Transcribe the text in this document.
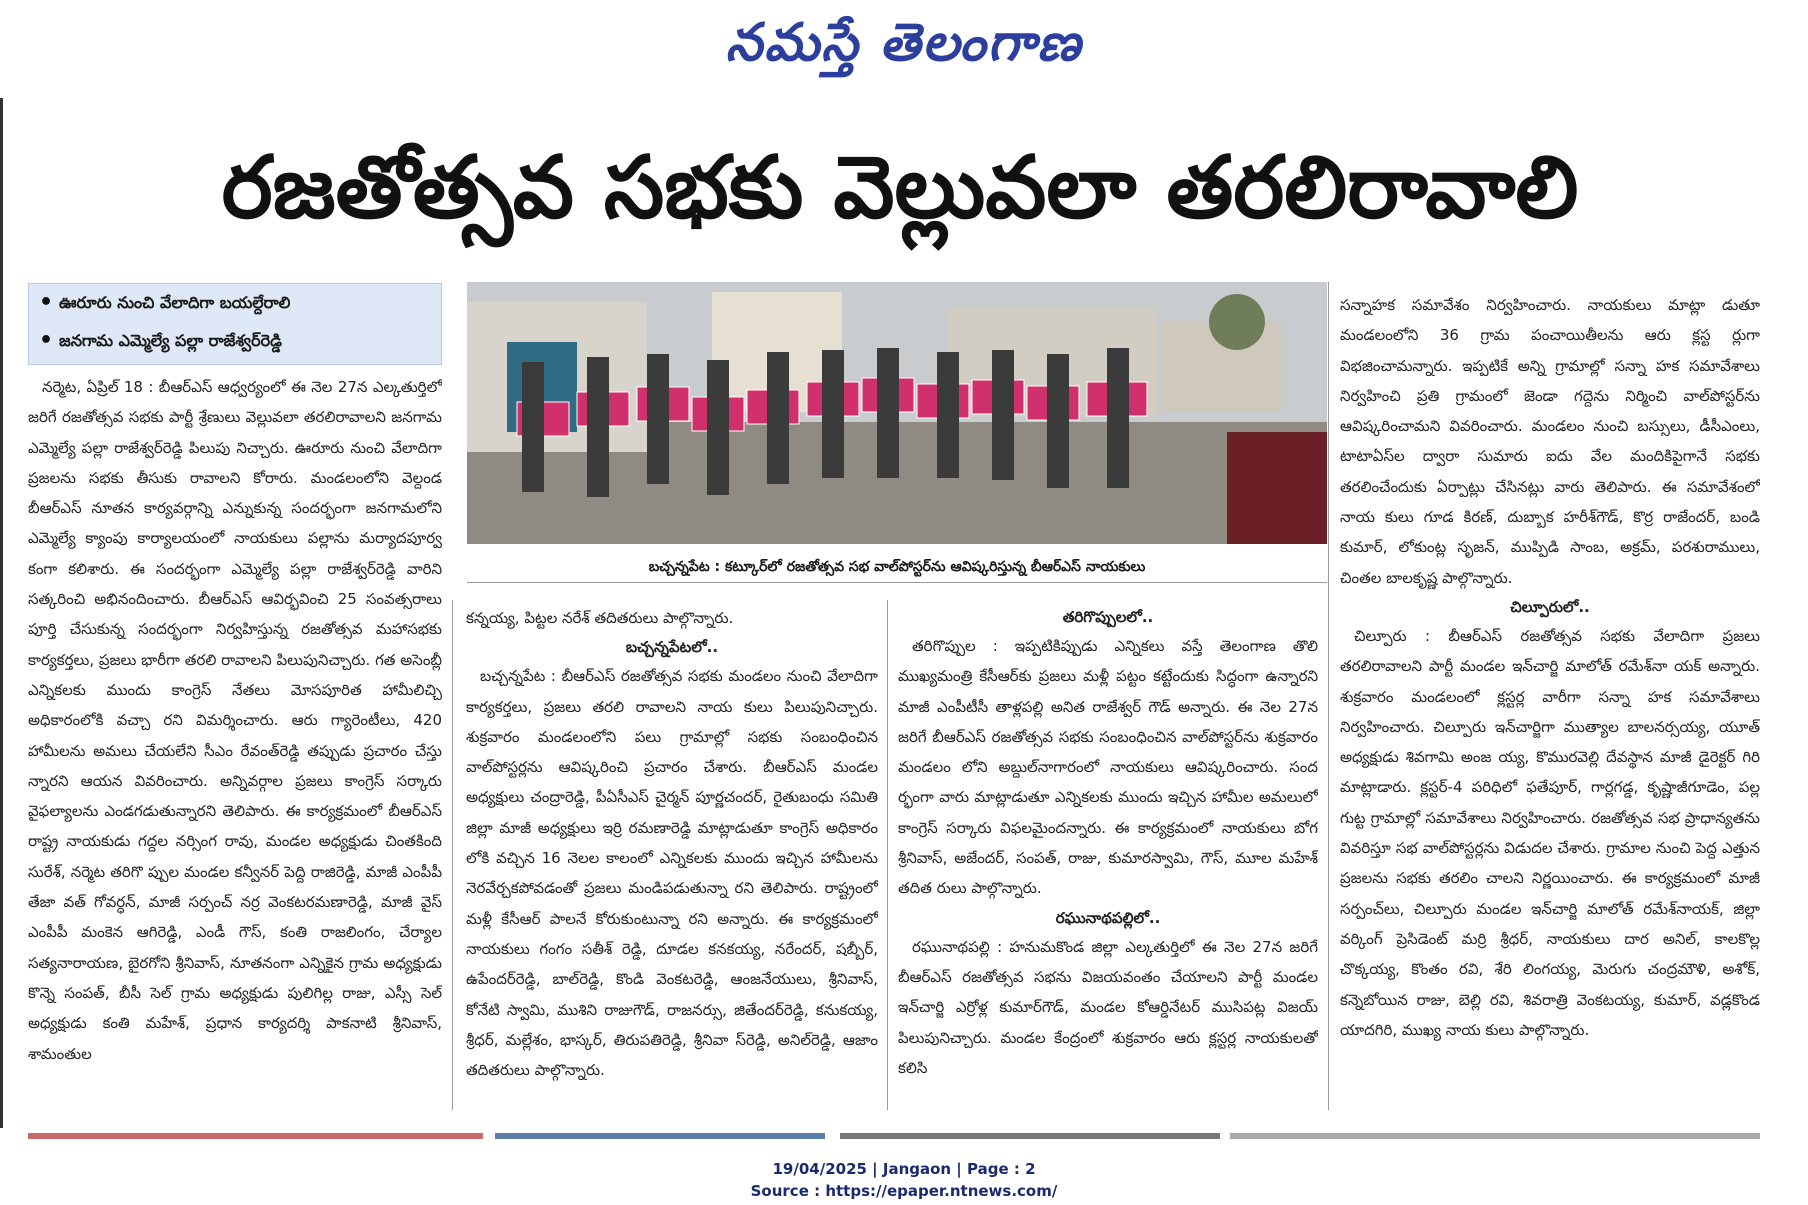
నమస్తే తెలంగాణ
రజతోత్సవ సభకు వెల్లువలా తరలిరావాలి
• ఊరూరు నుంచి వేలాదిగా బయల్దేరాలి
• జనగామ ఎమ్మెల్యే పల్లా రాజేశ్వర్‌రెడ్డి
బచ్చన్నపేట : కట్కూర్‌లో రజతోత్సవ సభ వాల్‌పోస్టర్‌ను ఆవిష్కరిస్తున్న బీఆర్‌ఎస్ నాయకులు

నర్మెట, ఏప్రిల్ 18 : బీఆర్‌ఎస్ ఆధ్వర్యంలో ఈ నెల 27న ఎల్కతుర్తిలో జరిగే రజతోత్సవ సభకు పార్టీ శ్రేణులు వెల్లువలా తరలిరావాలని జనగామ ఎమ్మెల్యే పల్లా రాజేశ్వర్‌రెడ్డి పిలుపు నిచ్చారు. ఊరూరు నుంచి వేలాదిగా ప్రజలను సభకు తీసుకు రావాలని కోరారు. మండలంలోని వెల్దండ బీఆర్‌ఎస్ నూతన కార్యవర్గాన్ని ఎన్నుకున్న సందర్భంగా జనగామలోని ఎమ్మెల్యే క్యాంపు కార్యాలయంలో నాయకులు పల్లాను మర్యాదపూర్వ కంగా కలిశారు. ఈ సందర్భంగా ఎమ్మెల్యే పల్లా రాజేశ్వర్‌రెడ్డి వారిని సత్కరించి అభినందించారు. బీఆర్‌ఎస్ ఆవిర్భవించి 25 సంవత్సరాలు పూర్తి చేసుకున్న సందర్భంగా నిర్వహిస్తున్న రజతోత్సవ మహాసభకు కార్యకర్తలు, ప్రజలు భారీగా తరలి రావాలని పిలుపునిచ్చారు. గత అసెంబ్లీ ఎన్నికలకు ముందు కాంగ్రెస్ నేతలు మోసపూరిత హామీలిచ్చి అధికారంలోకి వచ్చా రని విమర్శించారు. ఆరు గ్యారెంటీలు, 420 హామీలను అమలు చేయలేని సీఎం రేవంత్‌రెడ్డి తప్పుడు ప్రచారం చేస్తు న్నారని ఆయన వివరించారు. అన్నివర్గాల ప్రజలు కాంగ్రెస్ సర్కారు వైఫల్యాలను ఎండగడుతున్నారని తెలిపారు. ఈ కార్యక్రమంలో బీఆర్‌ఎస్ రాష్ట్ర నాయకుడు గద్దల నర్సింగ రావు, మండల అధ్యక్షుడు చింతకింది సురేశ్, నర్మెట తరిగొ ప్పుల మండల కన్వీనర్ పెద్ది రాజిరెడ్డి, మాజీ ఎంపీపీ తేజా వత్ గోవర్ధన్, మాజీ సర్పంచ్ నర్ర వెంకటరమణారెడ్డి, మాజీ వైస్ ఎంపీపీ మంకెన ఆగిరెడ్డి, ఎండీ గౌస్, కంతి రాజలింగం, చేర్యాల సత్యనారాయణ, బైరగోని శ్రీనివాస్, నూతనంగా ఎన్నికైన గ్రామ అధ్యక్షుడు కొన్నె సంపత్, బీసీ సెల్ గ్రామ అధ్యక్షుడు పులిగిల్ల రాజు, ఎస్సీ సెల్ అధ్యక్షుడు కంతి మహేశ్, ప్రధాన కార్యదర్శి పాకనాటి శ్రీనివాస్, శామంతుల

కన్నయ్య, పిట్టల నరేశ్ తదితరులు పాల్గొన్నారు.

బచ్చన్నపేటలో..

బచ్చన్నపేట : బీఆర్‌ఎస్ రజతోత్సవ సభకు మండలం నుంచి వేలాదిగా కార్యకర్తలు, ప్రజలు తరలి రావాలని నాయ కులు పిలుపునిచ్చారు. శుక్రవారం మండలంలోని పలు గ్రామాల్లో సభకు సంబంధించిన వాల్‌పోస్టర్లను ఆవిష్కరించి ప్రచారం చేశారు. బీఆర్‌ఎస్ మండల అధ్యక్షులు చంద్రారెడ్డి, పీఏసీఎస్ చైర్మన్ పూర్ణచందర్, రైతుబంధు సమితి జిల్లా మాజీ అధ్యక్షులు ఇర్రి రమణారెడ్డి మాట్లాడుతూ కాంగ్రెస్ అధికారం లోకి వచ్చిన 16 నెలల కాలంలో ఎన్నికలకు ముందు ఇచ్చిన హామీలను నెరవేర్చకపోవడంతో ప్రజలు మండిపడుతున్నా రని తెలిపారు. రాష్ట్రంలో మళ్లీ కేసీఆర్ పాలనే కోరుకుంటున్నా రని అన్నారు. ఈ కార్యక్రమంలో నాయకులు గంగం సతీశ్ రెడ్డి, దూడల కనకయ్య, నరేందర్, షబ్బీర్, ఉపేందర్‌రెడ్డి, బాల్‌రెడ్డి, కొండి వెంకటరెడ్డి, ఆంజనేయులు, శ్రీనివాస్, కోనేటి స్వామి, ముశిని రాజుగౌడ్, రాజనర్సు, జితేందర్‌రెడ్డి, కనుకయ్య, శ్రీధర్, మల్లేశం, భాస్కర్, తిరుపతిరెడ్డి, శ్రీనివా స్‌రెడ్డి, అనిల్‌రెడ్డి, ఆజాం తదితరులు పాల్గొన్నారు.

తరిగొప్పులలో..

తరిగొప్పుల : ఇప్పటికిప్పుడు ఎన్నికలు వస్తే తెలంగాణ తొలి ముఖ్యమంత్రి కేసీఆర్‌కు ప్రజలు మళ్లీ పట్టం కట్టేందుకు సిద్ధంగా ఉన్నారని మాజీ ఎంపీటీసీ తాళ్లపల్లి అనిత రాజేశ్వర్ గౌడ్ అన్నారు. ఈ నెల 27న జరిగే బీఆర్‌ఎస్ రజతోత్సవ సభకు సంబంధించిన వాల్‌పోస్టర్‌ను శుక్రవారం మండలం లోని అబ్దుల్‌నాగారంలో నాయకులు ఆవిష్కరించారు. సంద ర్భంగా వారు మాట్లాడుతూ ఎన్నికలకు ముందు ఇచ్చిన హామీల అమలులో కాంగ్రెస్ సర్కారు విఫలమైందన్నారు. ఈ కార్యక్రమంలో నాయకులు బోగ శ్రీనివాస్, అజేందర్, సంపత్, రాజు, కుమారస్వామి, గౌస్, మూల మహేశ్ తదిత రులు పాల్గొన్నారు.

రఘునాథపల్లిలో..

రఘునాథపల్లి : హనుమకొండ జిల్లా ఎల్కతుర్తిలో ఈ నెల 27న జరిగే బీఆర్‌ఎస్ రజతోత్సవ సభను విజయవంతం చేయాలని పార్టీ మండల ఇన్‌చార్జి ఎర్రోళ్ల కుమార్‌గౌడ్, మండల కోఆర్డినేటర్ ముసిపట్ల విజయ్ పిలుపునిచ్చారు. మండల కేంద్రంలో శుక్రవారం ఆరు క్లస్టర్ల నాయకులతో కలిసి

సన్నాహక సమావేశం నిర్వహించారు. నాయకులు మాట్లా డుతూ మండలంలోని 36 గ్రామ పంచాయితీలను ఆరు క్లస్ట ర్లుగా విభజించామన్నారు. ఇప్పటికే అన్ని గ్రామాల్లో సన్నా హక సమావేశాలు నిర్వహించి ప్రతి గ్రామంలో జెండా గద్దెను నిర్మించి వాల్‌పోస్టర్‌ను ఆవిష్కరించామని వివరించారు. మండలం నుంచి బస్సులు, డీసీఎంలు, టాటాఏస్‌ల ద్వారా సుమారు ఐదు వేల మందికిపైగానే సభకు తరలించేందుకు ఏర్పాట్లు చేసినట్లు వారు తెలిపారు. ఈ సమావేశంలో నాయ కులు గూడ కిరణ్, దుబ్బాక హరీశ్‌గౌడ్, కొర్ర రాజేందర్, బండి కుమార్, లోకుంట్ల సృజన్, ముప్పిడి సాంబ, అక్రమ్, పరశురాములు, చింతల బాలకృష్ణ పాల్గొన్నారు.

చిల్పూరులో..

చిల్పూరు : బీఆర్‌ఎస్ రజతోత్సవ సభకు వేలాదిగా ప్రజలు తరలిరావాలని పార్టీ మండల ఇన్‌చార్జి మాలోత్ రమేశ్‌నా యక్ అన్నారు. శుక్రవారం మండలంలో క్లస్టర్ల వారీగా సన్నా హక సమావేశాలు నిర్వహించారు. చిల్పూరు ఇన్‌చార్జిగా ముత్యాల బాలనర్సయ్య, యూత్ అధ్యక్షుడు శివగామి అంజ య్య, కొమురవెల్లి దేవస్థాన మాజీ డైరెక్టర్ గిరి మాట్లాడారు. క్లస్టర్-4 పరిధిలో ఫతేపూర్, గార్లగడ్డ, కృష్ణాజీగూడెం, పల్ల గుట్ట గ్రామాల్లో సమావేశాలు నిర్వహించారు. రజతోత్సవ సభ ప్రాధాన్యతను వివరిస్తూ సభ వాల్‌పోస్టర్లను విడుదల చేశారు. గ్రామాల నుంచి పెద్ద ఎత్తున ప్రజలను సభకు తరలిం చాలని నిర్ణయించారు. ఈ కార్యక్రమంలో మాజీ సర్పంచ్‌లు, చిల్పూరు మండల ఇన్‌చార్జి మాలోత్ రమేశ్‌నాయక్, జిల్లా వర్కింగ్ ప్రెసిడెంట్ మర్రి శ్రీధర్, నాయకులు దార అనిల్, కాలకొల్ల చొక్కయ్య, కొంతం రవి, శేరి లింగయ్య, మెరుగు చంద్రమౌళి, అశోక్, కన్నెబోయిన రాజు, బెల్లి రవి, శివరాత్రి వెంకటయ్య, కుమార్, వడ్లకొండ యాదగిరి, ముఖ్య నాయ కులు పాల్గొన్నారు.

19/04/2025 | Jangaon | Page : 2
Source : https://epaper.ntnews.com/
